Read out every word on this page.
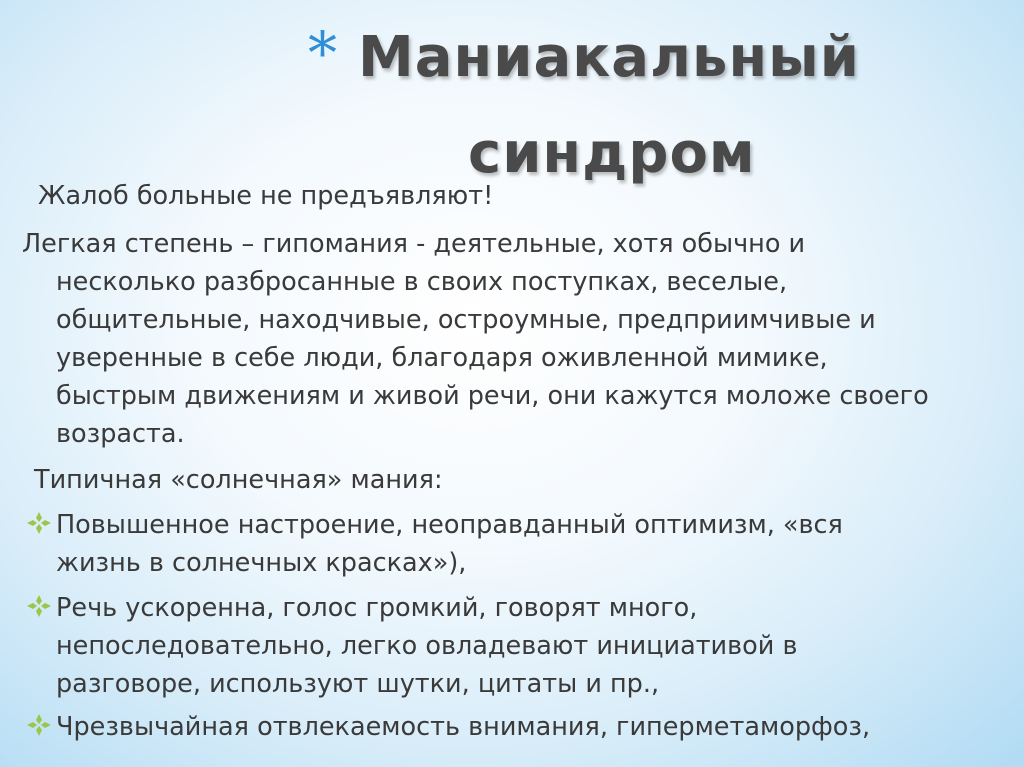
* Маниакальный
синдром
Жалоб больные не предъявляют!
Легкая степень – гипомания - деятельные, хотя обычно и
несколько разбросанные в своих поступках, веселые,
общительные, находчивые, остроумные, предприимчивые и
уверенные в себе люди, благодаря оживленной мимике,
быстрым движениям и живой речи, они кажутся моложе своего
возраста.
Типичная «солнечная» мания:
Повышенное настроение, неоправданный оптимизм, «вся
жизнь в солнечных красках»),
Речь ускоренна, голос громкий, говорят много,
непоследовательно, легко овладевают инициативой в
разговоре, используют шутки, цитаты и пр.,
Чрезвычайная отвлекаемость внимания, гиперметаморфоз,
